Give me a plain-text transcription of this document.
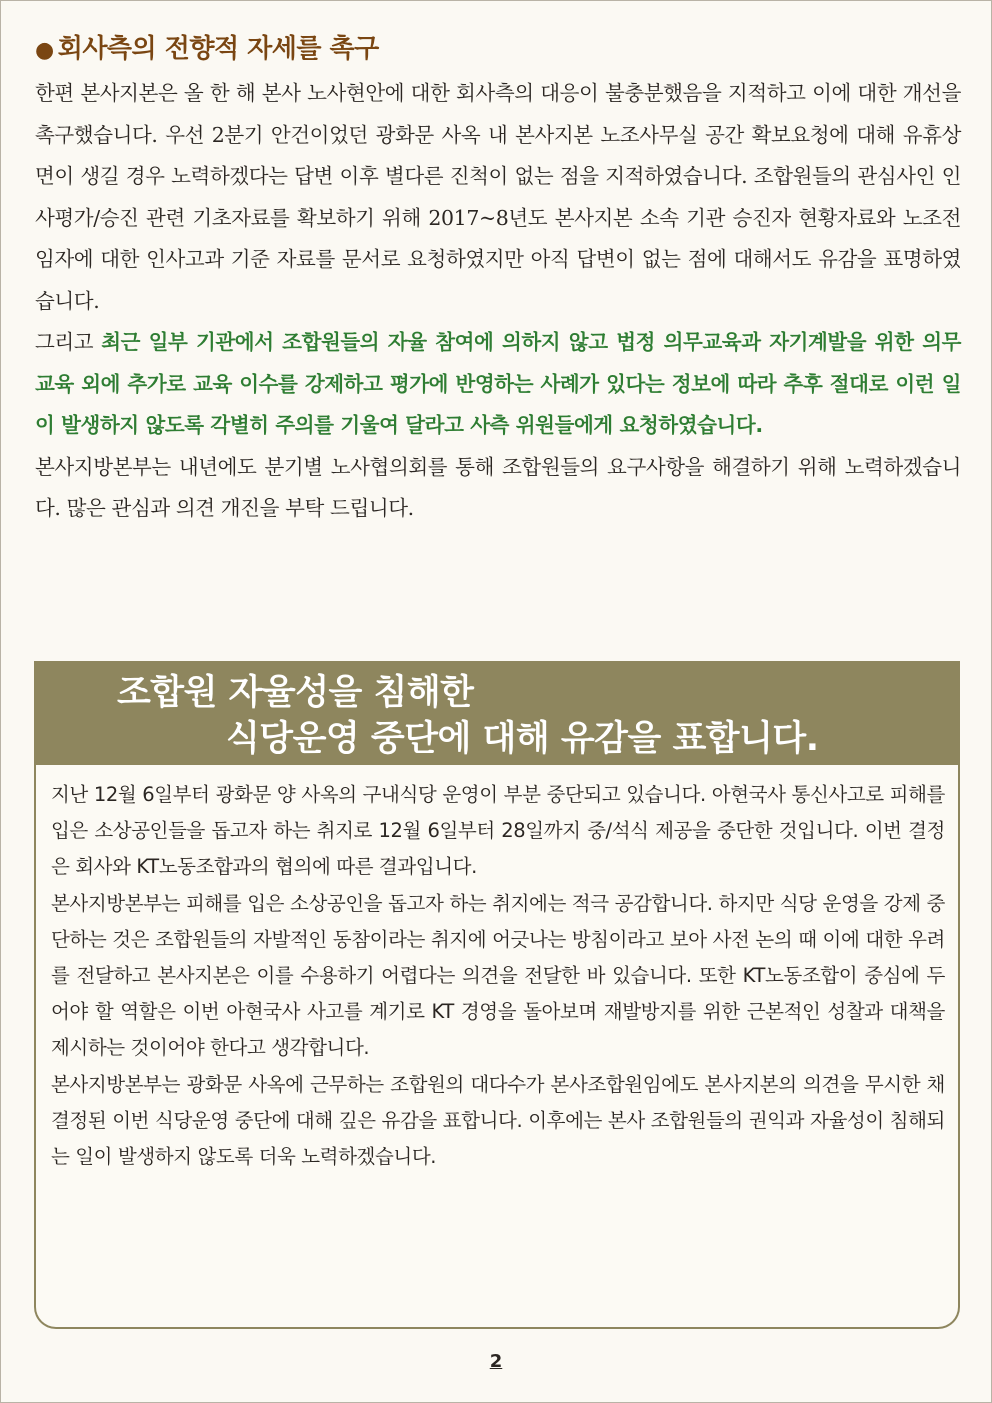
● 회사측의 전향적 자세를 촉구

한편 본사지본은 올 한 해 본사 노사현안에 대한 회사측의 대응이 불충분했음을 지적하고 이에 대한 개선을 촉구했습니다. 우선 2분기 안건이었던 광화문 사옥 내 본사지본 노조사무실 공간 확보요청에 대해 유휴상면이 생길 경우 노력하겠다는 답변 이후 별다른 진척이 없는 점을 지적하였습니다. 조합원들의 관심사인 인사평가/승진 관련 기초자료를 확보하기 위해 2017~8년도 본사지본 소속 기관 승진자 현황자료와 노조전임자에 대한 인사고과 기준 자료를 문서로 요청하였지만 아직 답변이 없는 점에 대해서도 유감을 표명하였습니다.

그리고 최근 일부 기관에서 조합원들의 자율 참여에 의하지 않고 법정 의무교육과 자기계발을 위한 의무 교육 외에 추가로 교육 이수를 강제하고 평가에 반영하는 사례가 있다는 정보에 따라 추후 절대로 이런 일이 발생하지 않도록 각별히 주의를 기울여 달라고 사측 위원들에게 요청하였습니다.

본사지방본부는 내년에도 분기별 노사협의회를 통해 조합원들의 요구사항을 해결하기 위해 노력하겠습니다. 많은 관심과 의견 개진을 부탁 드립니다.

조합원 자율성을 침해한
식당운영 중단에 대해 유감을 표합니다.

지난 12월 6일부터 광화문 양 사옥의 구내식당 운영이 부분 중단되고 있습니다. 아현국사 통신사고로 피해를 입은 소상공인들을 돕고자 하는 취지로 12월 6일부터 28일까지 중/석식 제공을 중단한 것입니다. 이번 결정은 회사와 KT노동조합과의 협의에 따른 결과입니다.

본사지방본부는 피해를 입은 소상공인을 돕고자 하는 취지에는 적극 공감합니다. 하지만 식당 운영을 강제 중단하는 것은 조합원들의 자발적인 동참이라는 취지에 어긋나는 방침이라고 보아 사전 논의 때 이에 대한 우려를 전달하고 본사지본은 이를 수용하기 어렵다는 의견을 전달한 바 있습니다. 또한 KT노동조합이 중심에 두어야 할 역할은 이번 아현국사 사고를 계기로 KT 경영을 돌아보며 재발방지를 위한 근본적인 성찰과 대책을 제시하는 것이어야 한다고 생각합니다.

본사지방본부는 광화문 사옥에 근무하는 조합원의 대다수가 본사조합원임에도 본사지본의 의견을 무시한 채 결정된 이번 식당운영 중단에 대해 깊은 유감을 표합니다. 이후에는 본사 조합원들의 권익과 자율성이 침해되는 일이 발생하지 않도록 더욱 노력하겠습니다.

2
